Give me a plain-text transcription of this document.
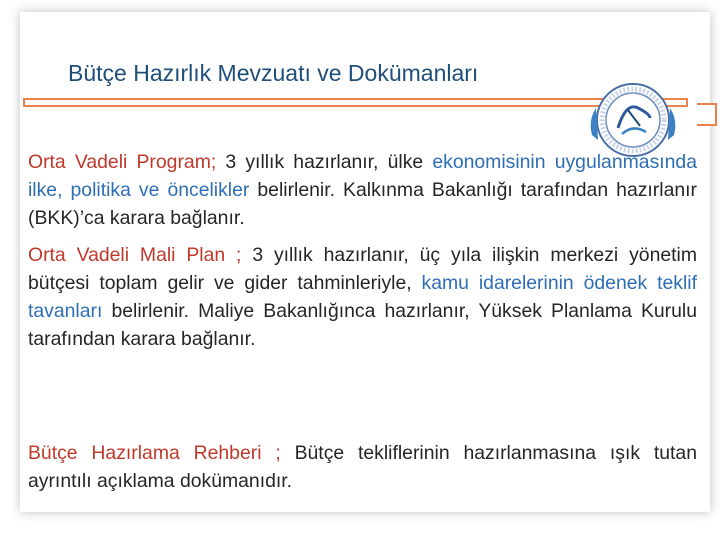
Bütçe Hazırlık Mevzuatı ve Dokümanları
Orta Vadeli Program; 3 yıllık hazırlanır, ülke ekonomisinin uygulanmasında ilke, politika ve öncelikler belirlenir. Kalkınma Bakanlığı tarafından hazırlanır (BKK)’ca karara bağlanır.
Orta Vadeli Mali Plan ; 3 yıllık hazırlanır, üç yıla ilişkin merkezi yönetim bütçesi toplam gelir ve gider tahminleriyle, kamu idarelerinin ödenek teklif tavanları belirlenir. Maliye Bakanlığınca hazırlanır, Yüksek Planlama Kurulu tarafından karara bağlanır.
Bütçe Hazırlama Rehberi ; Bütçe tekliflerinin hazırlanmasına ışık tutan ayrıntılı açıklama dokümanıdır.
